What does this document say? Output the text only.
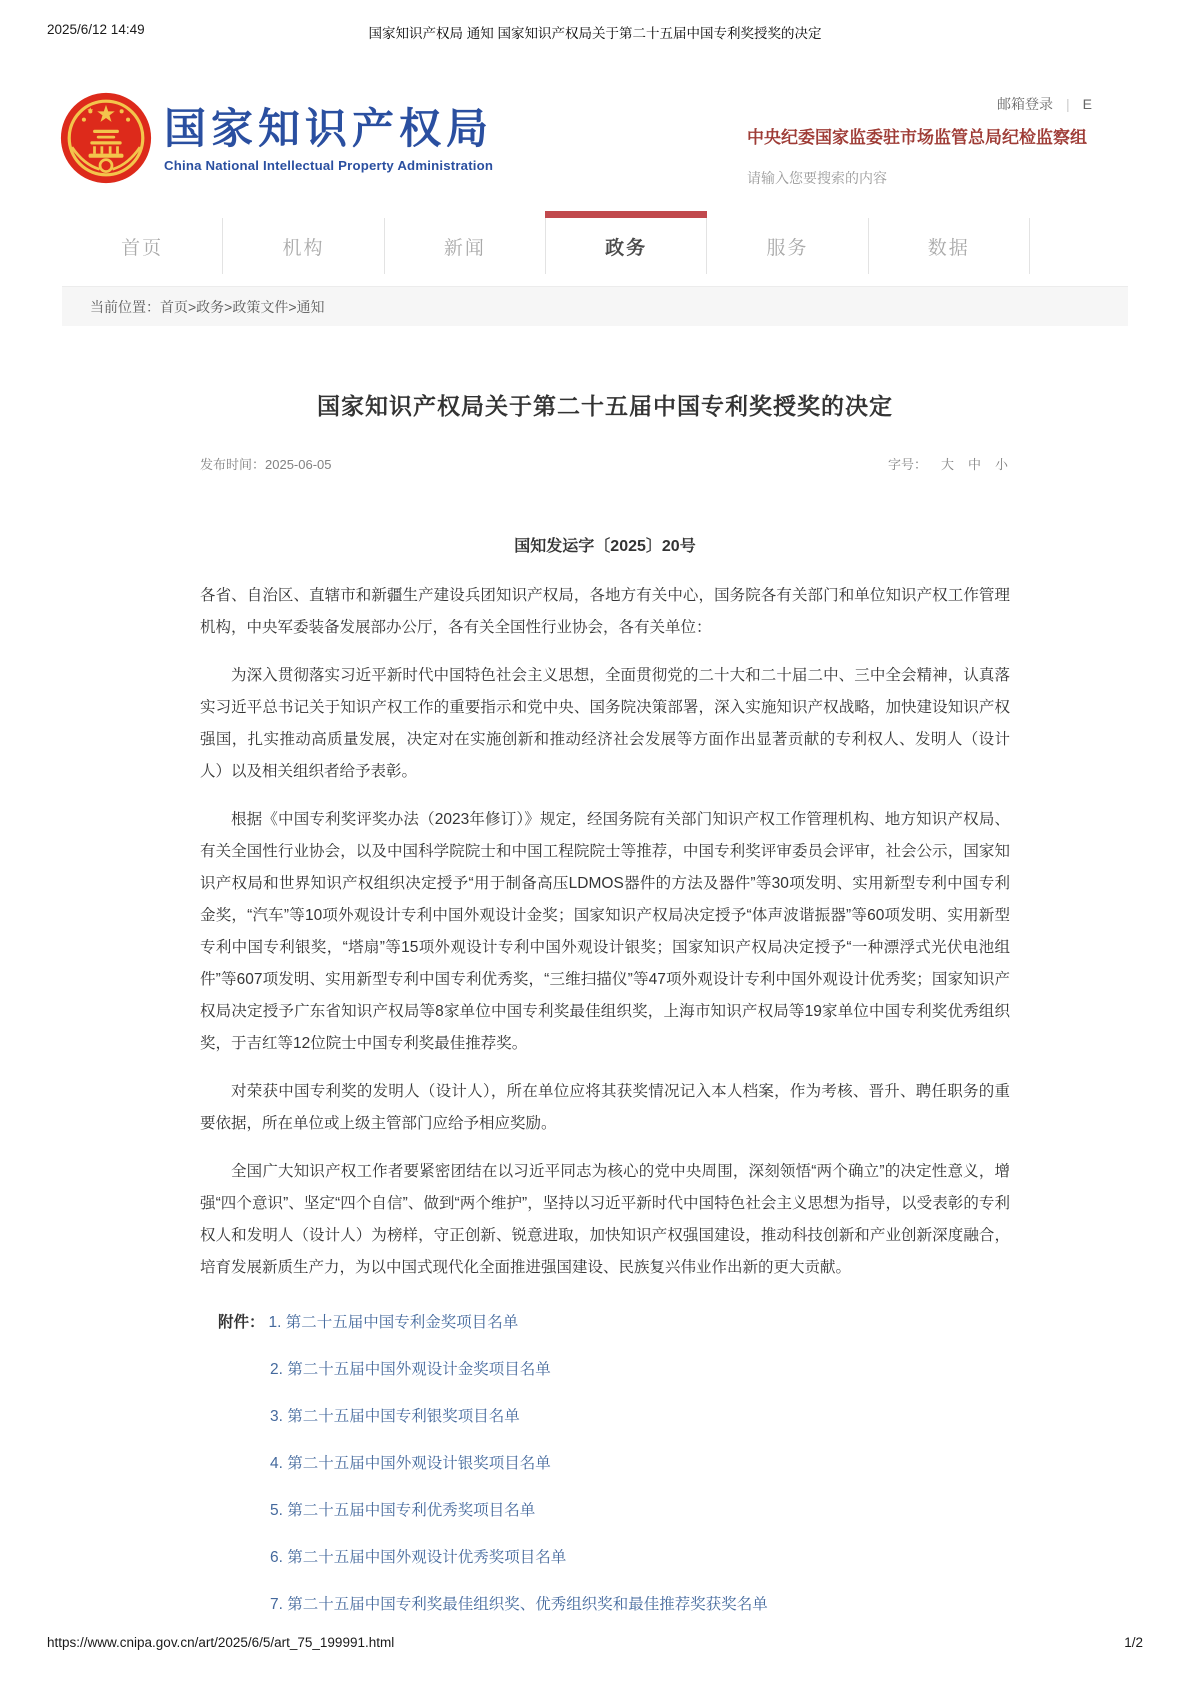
2025/6/12 14:49	国家知识产权局 通知 国家知识产权局关于第二十五届中国专利奖授奖的决定
国家知识产权局
China National Intellectual Property Administration
邮箱登录 | E
中央纪委国家监委驻市场监管总局纪检监察组
请输入您要搜索的内容
首页	机构	新闻	政务	服务	数据
当前位置： 首页>政务>政策文件>通知
国家知识产权局关于第二十五届中国专利奖授奖的决定
发布时间：2025-06-05	字号： 大 中 小
国知发运字〔2025〕20号

各省、自治区、直辖市和新疆生产建设兵团知识产权局，各地方有关中心，国务院各有关部门和单位知识产权工作管理机构，中央军委装备发展部办公厅，各有关全国性行业协会，各有关单位：

为深入贯彻落实习近平新时代中国特色社会主义思想，全面贯彻党的二十大和二十届二中、三中全会精神，认真落实习近平总书记关于知识产权工作的重要指示和党中央、国务院决策部署，深入实施知识产权战略，加快建设知识产权强国，扎实推动高质量发展，决定对在实施创新和推动经济社会发展等方面作出显著贡献的专利权人、发明人（设计人）以及相关组织者给予表彰。

根据《中国专利奖评奖办法（2023年修订）》规定，经国务院有关部门知识产权工作管理机构、地方知识产权局、有关全国性行业协会，以及中国科学院院士和中国工程院院士等推荐，中国专利奖评审委员会评审，社会公示，国家知识产权局和世界知识产权组织决定授予“用于制备高压LDMOS器件的方法及器件”等30项发明、实用新型专利中国专利金奖，“汽车”等10项外观设计专利中国外观设计金奖；国家知识产权局决定授予“体声波谐振器”等60项发明、实用新型专利中国专利银奖，“塔扇”等15项外观设计专利中国外观设计银奖；国家知识产权局决定授予“一种漂浮式光伏电池组件”等607项发明、实用新型专利中国专利优秀奖，“三维扫描仪”等47项外观设计专利中国外观设计优秀奖；国家知识产权局决定授予广东省知识产权局等8家单位中国专利奖最佳组织奖，上海市知识产权局等19家单位中国专利奖优秀组织奖，于吉红等12位院士中国专利奖最佳推荐奖。

对荣获中国专利奖的发明人（设计人），所在单位应将其获奖情况记入本人档案，作为考核、晋升、聘任职务的重要依据，所在单位或上级主管部门应给予相应奖励。

全国广大知识产权工作者要紧密团结在以习近平同志为核心的党中央周围，深刻领悟“两个确立”的决定性意义，增强“四个意识”、坚定“四个自信”、做到“两个维护”，坚持以习近平新时代中国特色社会主义思想为指导，以受表彰的专利权人和发明人（设计人）为榜样，守正创新、锐意进取，加快知识产权强国建设，推动科技创新和产业创新深度融合，培育发展新质生产力，为以中国式现代化全面推进强国建设、民族复兴伟业作出新的更大贡献。

附件： 1. 第二十五届中国专利金奖项目名单
2. 第二十五届中国外观设计金奖项目名单
3. 第二十五届中国专利银奖项目名单
4. 第二十五届中国外观设计银奖项目名单
5. 第二十五届中国专利优秀奖项目名单
6. 第二十五届中国外观设计优秀奖项目名单
7. 第二十五届中国专利奖最佳组织奖、优秀组织奖和最佳推荐奖获奖名单
https://www.cnipa.gov.cn/art/2025/6/5/art_75_199991.html	1/2
